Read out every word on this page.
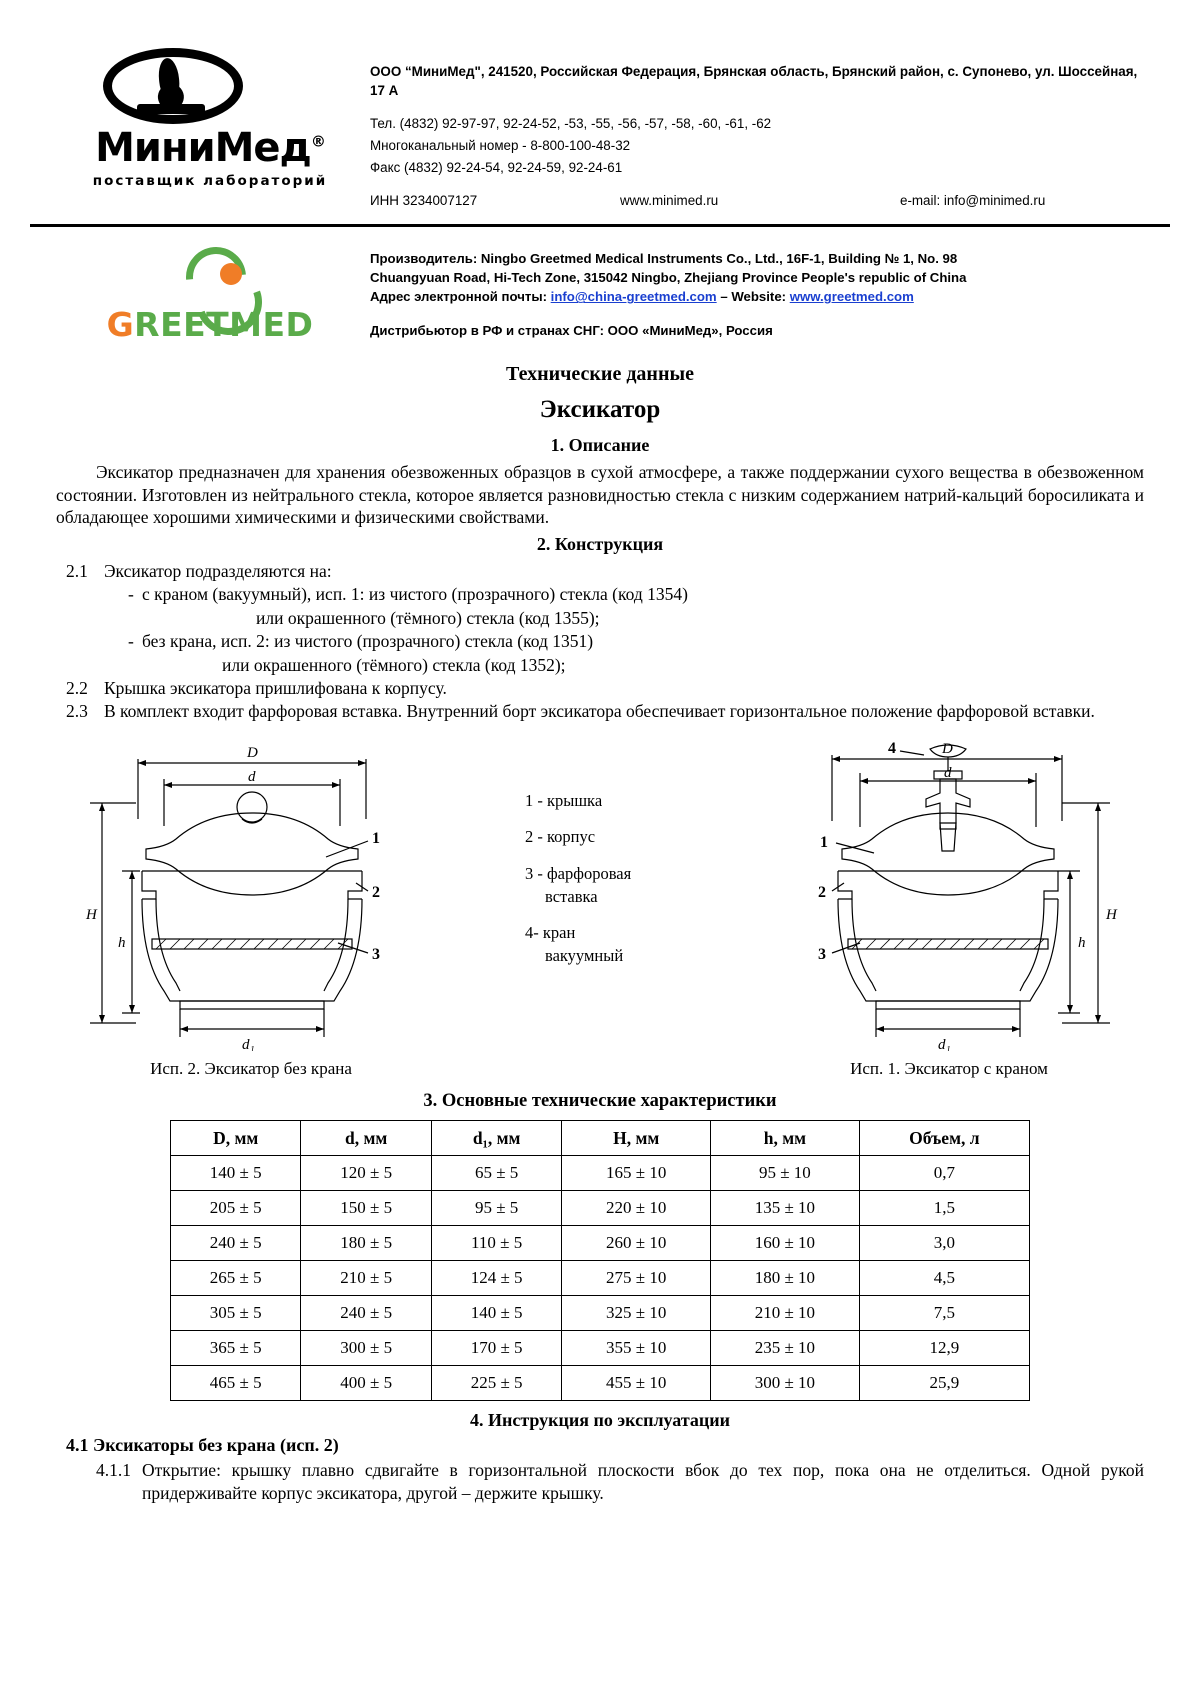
МиниМед®
поставщик лабораторий
ООО “МиниМед", 241520, Российская Федерация, Брянская область, Брянский район, с. Супонево, ул. Шоссейная, 17 А
Тел. (4832) 92-97-97, 92-24-52, -53, -55, -56, -57, -58, -60, -61, -62
Многоканальный номер - 8-800-100-48-32
Факс (4832) 92-24-54, 92-24-59, 92-24-61
ИНН 3234007127	www.minimed.ru	e-mail: info@minimed.ru
GREETMED
Производитель: Ningbo Greetmed Medical Instruments Co., Ltd., 16F-1, Building № 1, No. 98
Chuangyuan Road, Hi-Tech Zone, 315042 Ningbo, Zhejiang Province People's republic of China
Адрес электронной почты: info@china-greetmed.com – Website: www.greetmed.com
Дистрибьютор в РФ и странах СНГ: ООО «МиниМед», Россия
Технические данные
Эксикатор
1. Описание

Эксикатор предназначен для хранения обезвоженных образцов в сухой атмосфере, а также поддержании сухого вещества в обезвоженном состоянии. Изготовлен из нейтрального стекла, которое является разновидностью стекла с низким содержанием натрий-кальций боросиликата и обладающее хорошими химическими и физическими свойствами.

2. Конструкция
2.1 Эксикатор подразделяются на:
- с краном (вакуумный), исп. 1: из чистого (прозрачного) стекла (код 1354)
или окрашенного (тёмного) стекла (код 1355);
- без крана, исп. 2: из чистого (прозрачного) стекла (код 1351)
или окрашенного (тёмного) стекла (код 1352);
2.2 Крышка эксикатора пришлифована к корпусу.
2.3 В комплект входит фарфоровая вставка. Внутренний борт эксикатора обеспечивает горизонтальное положение фарфоровой вставки.
D
d
H
h
d₁
1
2
3
Исп. 2. Эксикатор без крана
1 - крышка
2 - корпус
3 - фарфоровая
вставка
4- кран
вакуумный
D
d
H
h
d₁
1
2
3
4
Исп. 1. Эксикатор с краном
3. Основные технические характеристики
D, мм	d, мм	d₁, мм	H, мм	h, мм	Объем, л
140 ± 5	120 ± 5	65 ± 5	165 ± 10	95 ± 10	0,7
205 ± 5	150 ± 5	95 ± 5	220 ± 10	135 ± 10	1,5
240 ± 5	180 ± 5	110 ± 5	260 ± 10	160 ± 10	3,0
265 ± 5	210 ± 5	124 ± 5	275 ± 10	180 ± 10	4,5
305 ± 5	240 ± 5	140 ± 5	325 ± 10	210 ± 10	7,5
365 ± 5	300 ± 5	170 ± 5	355 ± 10	235 ± 10	12,9
465 ± 5	400 ± 5	225 ± 5	455 ± 10	300 ± 10	25,9
4. Инструкция по эксплуатации
4.1 Эксикаторы без крана (исп. 2)
4.1.1 Открытие: крышку плавно сдвигайте в горизонтальной плоскости вбок до тех пор, пока она не отделиться. Одной рукой придерживайте корпус эксикатора, другой – держите крышку.
